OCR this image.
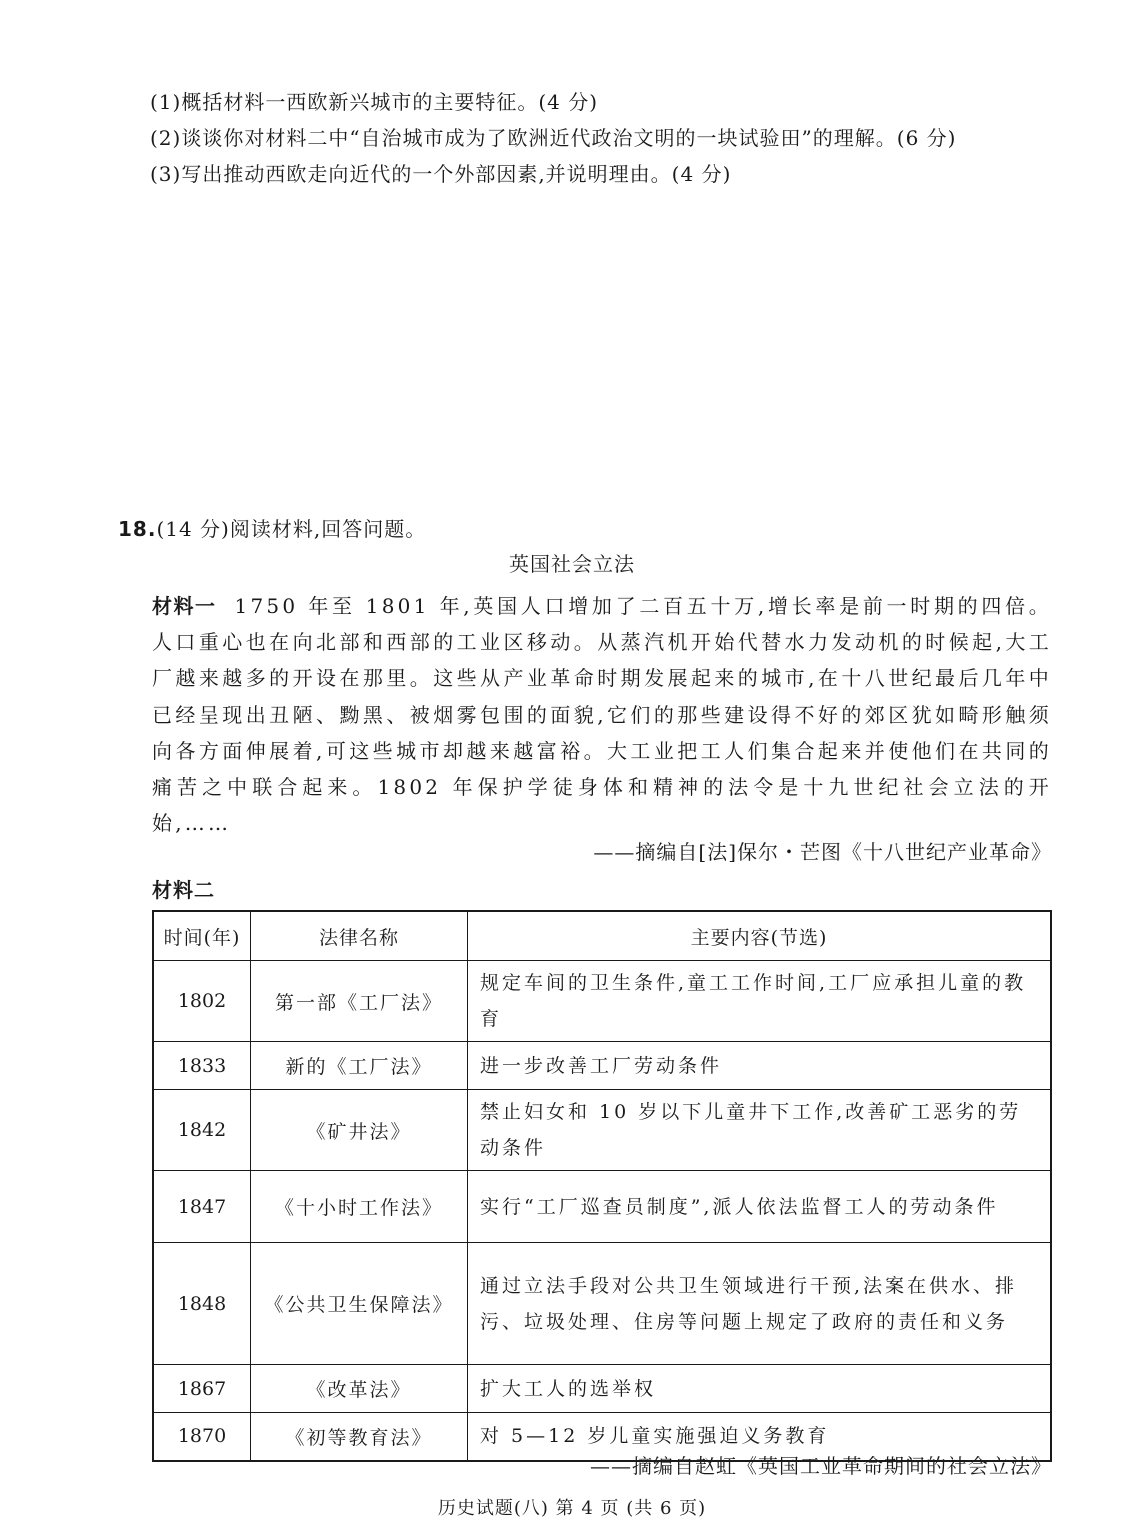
(1)概括材料一西欧新兴城市的主要特征。(4 分)
(2)谈谈你对材料二中“自治城市成为了欧洲近代政治文明的一块试验田”的理解。(6 分)
(3)写出推动西欧走向近代的一个外部因素,并说明理由。(4 分)
18.(14 分)阅读材料,回答问题。
英国社会立法
材料一 1750 年至 1801 年,英国人口增加了二百五十万,增长率是前一时期的四倍。人口重心也在向北部和西部的工业区移动。从蒸汽机开始代替水力发动机的时候起,大工厂越来越多的开设在那里。这些从产业革命时期发展起来的城市,在十八世纪最后几年中已经呈现出丑陋、黝黑、被烟雾包围的面貌,它们的那些建设得不好的郊区犹如畸形触须向各方面伸展着,可这些城市却越来越富裕。大工业把工人们集合起来并使他们在共同的痛苦之中联合起来。1802 年保护学徒身体和精神的法令是十九世纪社会立法的开始,……
——摘编自[法]保尔・芒图《十八世纪产业革命》
材料二
时间(年)	法律名称	主要内容(节选)
1802	第一部《工厂法》	规定车间的卫生条件,童工工作时间,工厂应承担儿童的教育
1833	新的《工厂法》	进一步改善工厂劳动条件
1842	《矿井法》	禁止妇女和 10 岁以下儿童井下工作,改善矿工恶劣的劳动条件
1847	《十小时工作法》	实行“工厂巡查员制度”,派人依法监督工人的劳动条件
1848	《公共卫生保障法》	通过立法手段对公共卫生领域进行干预,法案在供水、排污、垃圾处理、住房等问题上规定了政府的责任和义务
1867	《改革法》	扩大工人的选举权
1870	《初等教育法》	对 5—12 岁儿童实施强迫义务教育
——摘编自赵虹《英国工业革命期间的社会立法》
历史试题(八) 第 4 页 (共 6 页)
